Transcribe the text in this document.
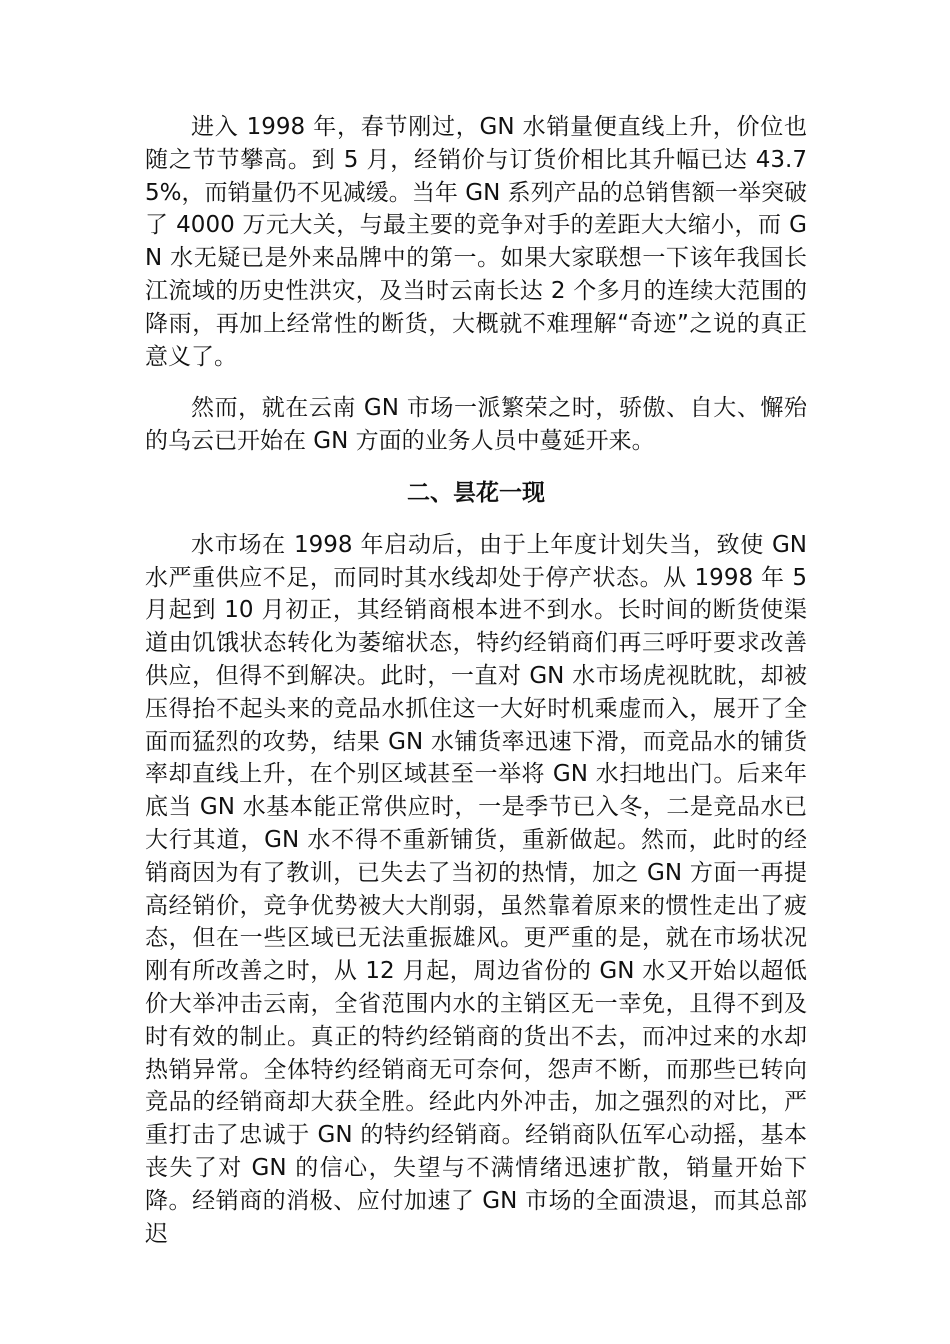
进入 1998 年，春节刚过，GN 水销量便直线上升，价位也随之节节攀高。到 5 月，经销价与订货价相比其升幅已达 43.75%，而销量仍不见减缓。当年 GN 系列产品的总销售额一举突破了 4000 万元大关，与最主要的竞争对手的差距大大缩小，而 GN 水无疑已是外来品牌中的第一。如果大家联想一下该年我国长江流域的历史性洪灾，及当时云南长达 2 个多月的连续大范围的降雨，再加上经常性的断货，大概就不难理解“奇迹”之说的真正意义了。

然而，就在云南 GN 市场一派繁荣之时，骄傲、自大、懈殆的乌云已开始在 GN 方面的业务人员中蔓延开来。

二、昙花一现

水市场在 1998 年启动后，由于上年度计划失当，致使 GN 水严重供应不足，而同时其水线却处于停产状态。从 1998 年 5 月起到 10 月初正，其经销商根本进不到水。长时间的断货使渠道由饥饿状态转化为萎缩状态，特约经销商们再三呼吁要求改善供应，但得不到解决。此时，一直对 GN 水市场虎视眈眈，却被压得抬不起头来的竞品水抓住这一大好时机乘虚而入，展开了全面而猛烈的攻势，结果 GN 水铺货率迅速下滑，而竞品水的铺货率却直线上升，在个别区域甚至一举将 GN 水扫地出门。后来年底当 GN 水基本能正常供应时，一是季节已入冬，二是竞品水已大行其道，GN 水不得不重新铺货，重新做起。然而，此时的经销商因为有了教训，已失去了当初的热情，加之 GN 方面一再提高经销价，竞争优势被大大削弱，虽然靠着原来的惯性走出了疲态，但在一些区域已无法重振雄风。更严重的是，就在市场状况刚有所改善之时，从 12 月起，周边省份的 GN 水又开始以超低价大举冲击云南，全省范围内水的主销区无一幸免，且得不到及时有效的制止。真正的特约经销商的货出不去，而冲过来的水却热销异常。全体特约经销商无可奈何，怨声不断，而那些已转向竞品的经销商却大获全胜。经此内外冲击，加之强烈的对比，严重打击了忠诚于 GN 的特约经销商。经销商队伍军心动摇，基本丧失了对 GN 的信心，失望与不满情绪迅速扩散，销量开始下降。经销商的消极、应付加速了 GN 市场的全面溃退，而其总部迟
